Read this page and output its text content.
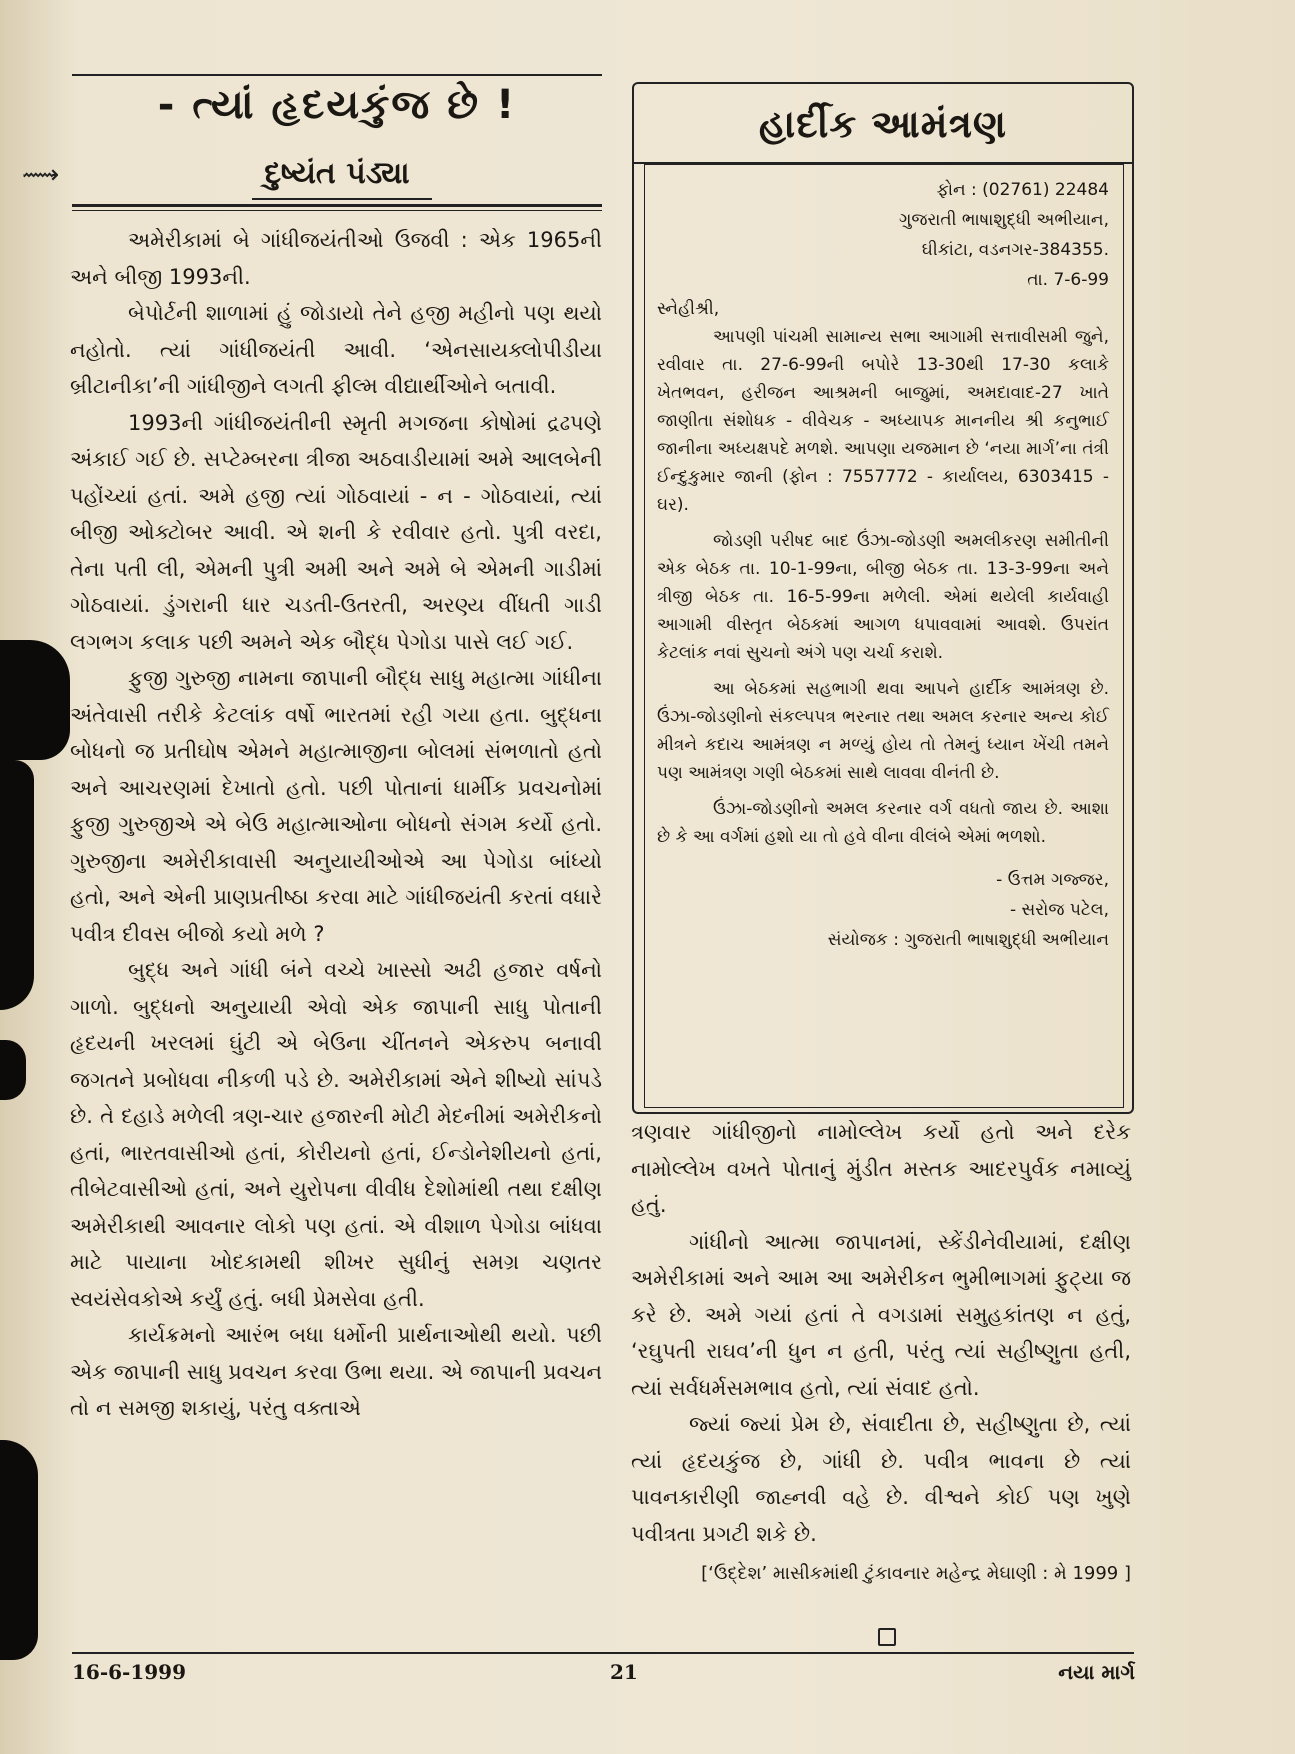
⟿
- ત્યાં હૃદયકુંજ છે !
દુષ્યંત પંડ્યા

અમેરીકામાં બે ગાંધીજયંતીઓ ઉજવી : એક 1965ની અને બીજી 1993ની.

બેપોર્ટની શાળામાં હું જોડાયો તેને હજી મહીનો પણ થયો નહોતો. ત્યાં ગાંધીજયંતી આવી. ‘એનસાયક્લોપીડીયા બ્રીટાનીકા’ની ગાંધીજીને લગતી ફીલ્મ વીદ્યાર્થીઓને બતાવી.

1993ની ગાંધીજયંતીની સ્મૃતી મગજના કોષોમાં દ્રઢપણે અંકાઈ ગઈ છે. સપ્ટેમ્બરના ત્રીજા અઠવાડીયામાં અમે આલબેની પહોંચ્યાં હતાં. અમે હજી ત્યાં ગોઠવાયાં - ન - ગોઠવાયાં, ત્યાં બીજી ઓક્ટોબર આવી. એ શની કે રવીવાર હતો. પુત્રી વરદા, તેના પતી લી, એમની પુત્રી અમી અને અમે બે એમની ગાડીમાં ગોઠવાયાં. ડુંગરાની ધાર ચડતી-ઉતરતી, અરણ્ય વીંધતી ગાડી લગભગ કલાક પછી અમને એક બૌદ્ધ પેગોડા પાસે લઈ ગઈ.

ફુજી ગુરુજી નામના જાપાની બૌદ્ધ સાધુ મહાત્મા ગાંધીના અંતેવાસી તરીકે કેટલાંક વર્ષો ભારતમાં રહી ગયા હતા. બુદ્ધના બોધનો જ પ્રતીઘોષ એમને મહાત્માજીના બોલમાં સંભળાતો હતો અને આચરણમાં દેખાતો હતો. પછી પોતાનાં ધાર્મીક પ્રવચનોમાં ફુજી ગુરુજીએ એ બેઉ મહાત્માઓના બોધનો સંગમ કર્યો હતો. ગુરુજીના અમેરીકાવાસી અનુયાયીઓએ આ પેગોડા બાંધ્યો હતો, અને એની પ્રાણપ્રતીષ્ઠા કરવા માટે ગાંધીજયંતી કરતાં વધારે પવીત્ર દીવસ બીજો કયો મળે ?

બુદ્ધ અને ગાંધી બંને વચ્ચે ખાસ્સો અઢી હજાર વર્ષનો ગાળો. બુદ્ધનો અનુયાયી એવો એક જાપાની સાધુ પોતાની હૃદયની ખરલમાં ઘુંટી એ બેઉના ચીંતનને એકરુપ બનાવી જગતને પ્રબોધવા નીકળી પડે છે. અમેરીકામાં એને શીષ્યો સાંપડે છે. તે દહાડે મળેલી ત્રણ-ચાર હજારની મોટી મેદનીમાં અમેરીકનો હતાં, ભારતવાસીઓ હતાં, કોરીયનો હતાં, ઈન્ડોનેશીયનો હતાં, તીબેટવાસીઓ હતાં, અને યુરોપના વીવીધ દેશોમાંથી તથા દક્ષીણ અમેરીકાથી આવનાર લોકો પણ હતાં. એ વીશાળ પેગોડા બાંધવા માટે પાયાના ખોદકામથી શીખર સુધીનું સમગ્ર ચણતર સ્વયંસેવકોએ કર્યું હતું. બધી પ્રેમસેવા હતી.

કાર્યક્રમનો આરંભ બધા ધર્મોની પ્રાર્થનાઓથી થયો. પછી એક જાપાની સાધુ પ્રવચન કરવા ઉભા થયા. એ જાપાની પ્રવચન તો ન સમજી શકાયું, પરંતુ વક્તાએ

હાર્દીક આમંત્રણ
ફોન : (02761) 22484
ગુજરાતી ભાષાશુદ્ધી અભીયાન,
ઘીકાંટા, વડનગર-384355.
તા. 7-6-99

સ્નેહીશ્રી,

આપણી પાંચમી સામાન્ય સભા આગામી સત્તાવીસમી જુને, રવીવાર તા. 27-6-99ની બપોરે 13-30થી 17-30 કલાકે ખેતભવન, હરીજન આશ્રમની બાજુમાં, અમદાવાદ-27 ખાતે જાણીતા સંશોધક - વીવેચક - અધ્યાપક માનનીય શ્રી કનુભાઈ જાનીના અધ્યક્ષપદે મળશે. આપણા યજમાન છે ‘નયા માર્ગ’ના તંત્રી ઈન્દુકુમાર જાની (ફોન : 7557772 - કાર્યાલય, 6303415 - ઘર).

જોડણી પરીષદ બાદ ઉંઝા-જોડણી અમલીકરણ સમીતીની એક બેઠક તા. 10-1-99ના, બીજી બેઠક તા. 13-3-99ના અને ત્રીજી બેઠક તા. 16-5-99ના મળેલી. એમાં થયેલી કાર્યવાહી આગામી વીસ્તૃત બેઠકમાં આગળ ધપાવવામાં આવશે. ઉપરાંત કેટલાંક નવાં સુચનો અંગે પણ ચર્ચા કરાશે.

આ બેઠકમાં સહભાગી થવા આપને હાર્દીક આમંત્રણ છે. ઉંઝા-જોડણીનો સંકલ્પપત્ર ભરનાર તથા અમલ કરનાર અન્ય કોઈ મીત્રને કદાચ આમંત્રણ ન મળ્યું હોય તો તેમનું ધ્યાન ખેંચી તમને પણ આમંત્રણ ગણી બેઠકમાં સાથે લાવવા વીનંતી છે.

ઉંઝા-જોડણીનો અમલ કરનાર વર્ગ વધતો જાય છે. આશા છે કે આ વર્ગમાં હશો યા તો હવે વીના વીલંબે એમાં ભળશો.

- ઉત્તમ ગજ્જર,
- સરોજ પટેલ,
સંયોજક : ગુજરાતી ભાષાશુદ્ધી અભીયાન

ત્રણવાર ગાંધીજીનો નામોલ્લેખ કર્યો હતો અને દરેક નામોલ્લેખ વખતે પોતાનું મુંડીત મસ્તક આદરપુર્વક નમાવ્યું હતું.

ગાંધીનો આત્મા જાપાનમાં, સ્કેંડીનેવીયામાં, દક્ષીણ અમેરીકામાં અને આમ આ અમેરીકન ભુમીભાગમાં ફુટ્યા જ કરે છે. અમે ગયાં હતાં તે વગડામાં સમુહકાંતણ ન હતું, ‘રઘુપતી રાઘવ’ની ધુન ન હતી, પરંતુ ત્યાં સહીષ્ણુતા હતી, ત્યાં સર્વધર્મસમભાવ હતો, ત્યાં સંવાદ હતો.

જ્યાં જ્યાં પ્રેમ છે, સંવાદીતા છે, સહીષ્ણુતા છે, ત્યાં ત્યાં હૃદયકુંજ છે, ગાંધી છે. પવીત્ર ભાવના છે ત્યાં પાવનકારીણી જાહ્નવી વહે છે. વીશ્વને કોઈ પણ ખુણે પવીત્રતા પ્રગટી શકે છે.

[‘ઉદ્દેશ’ માસીકમાંથી ટુંકાવનાર મહેન્દ્ર મેઘાણી : મે 1999 ]

16-6-1999	21	નયા માર્ગ
